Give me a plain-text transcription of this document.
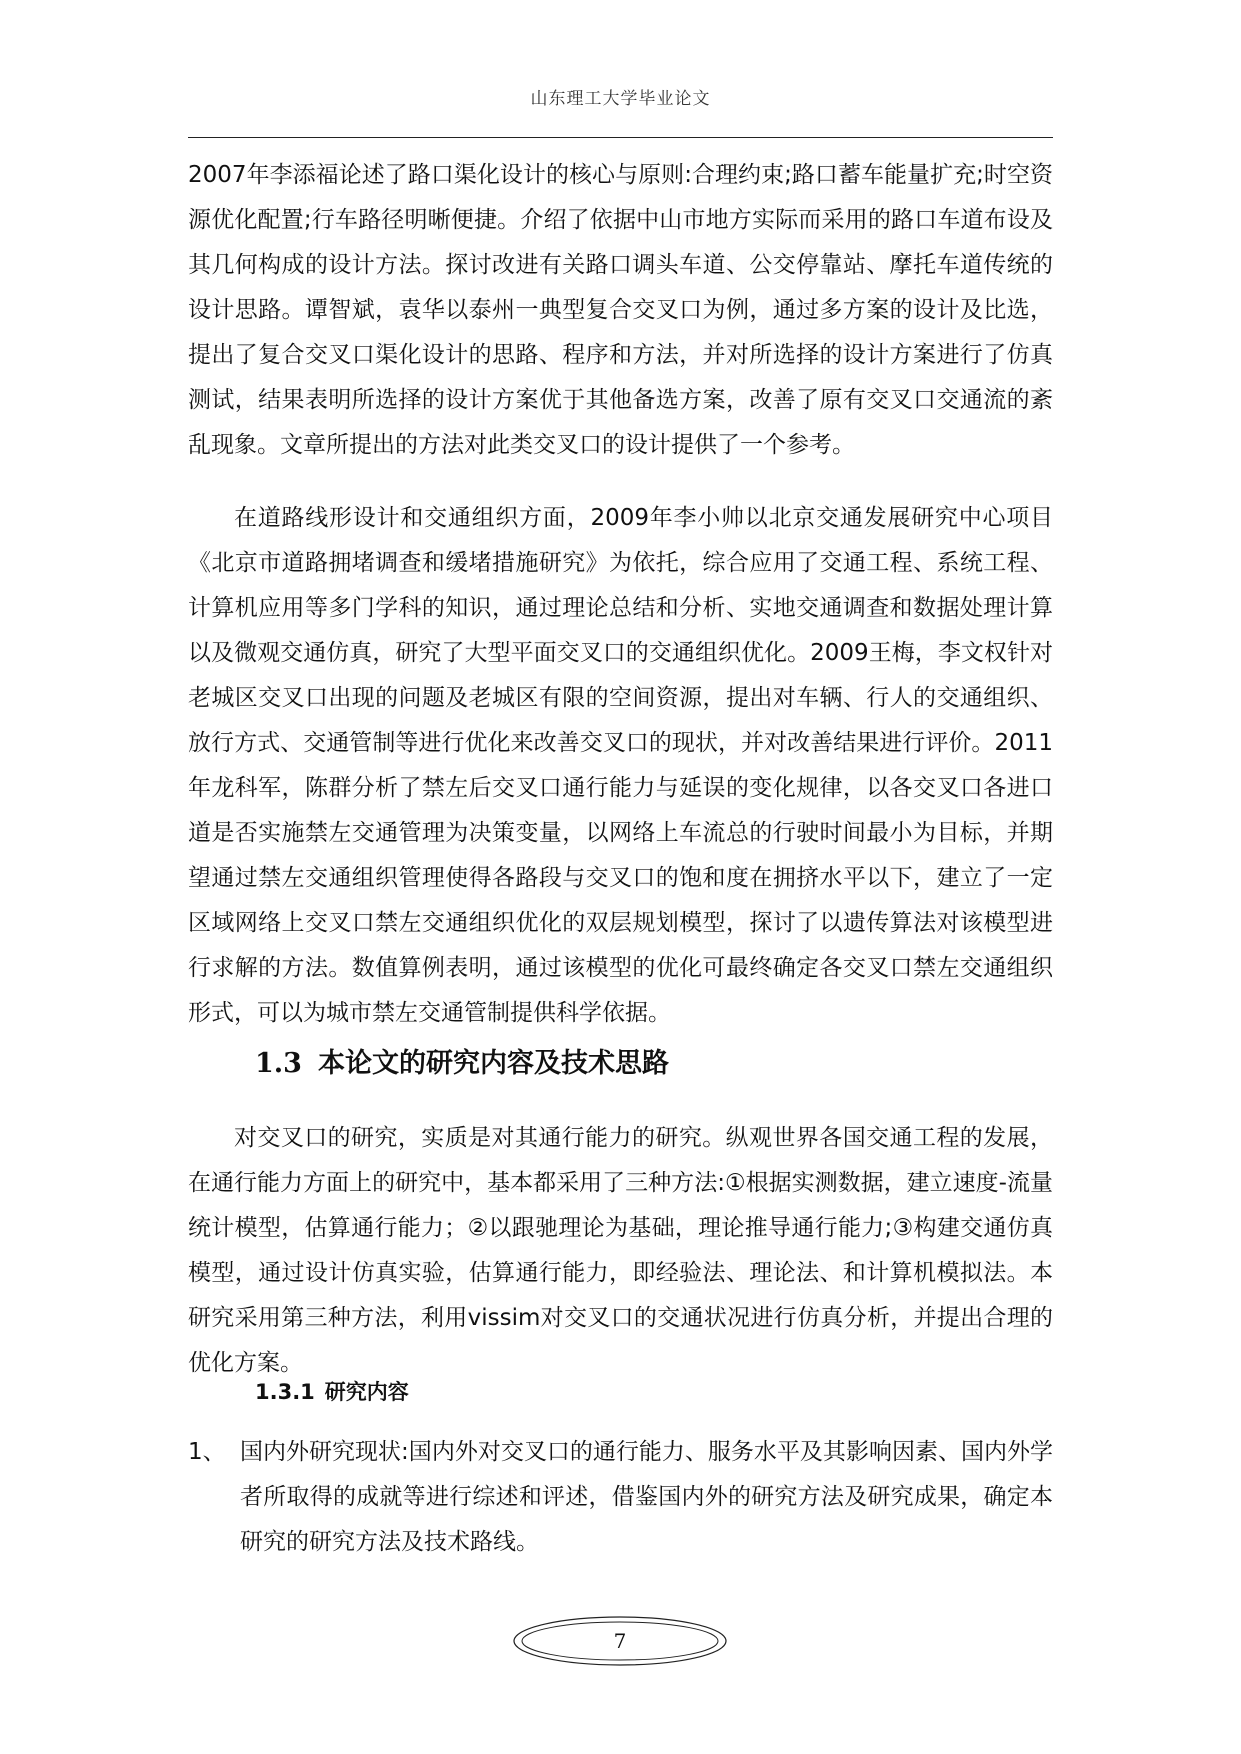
山东理工大学毕业论文

2007年李添福论述了路口渠化设计的核心与原则:合理约束;路口蓄车能量扩充;时空资源优化配置;行车路径明晰便捷。介绍了依据中山市地方实际而采用的路口车道布设及其几何构成的设计方法。探讨改进有关路口调头车道、公交停靠站、摩托车道传统的设计思路。谭智斌，袁华以泰州一典型复合交叉口为例，通过多方案的设计及比选，提出了复合交叉口渠化设计的思路、程序和方法，并对所选择的设计方案进行了仿真测试，结果表明所选择的设计方案优于其他备选方案，改善了原有交叉口交通流的紊乱现象。文章所提出的方法对此类交叉口的设计提供了一个参考。

在道路线形设计和交通组织方面，2009年李小帅以北京交通发展研究中心项目《北京市道路拥堵调查和缓堵措施研究》为依托，综合应用了交通工程、系统工程、计算机应用等多门学科的知识，通过理论总结和分析、实地交通调查和数据处理计算以及微观交通仿真，研究了大型平面交叉口的交通组织优化。2009王梅，李文权针对老城区交叉口出现的问题及老城区有限的空间资源，提出对车辆、行人的交通组织、放行方式、交通管制等进行优化来改善交叉口的现状，并对改善结果进行评价。2011年龙科军，陈群分析了禁左后交叉口通行能力与延误的变化规律，以各交叉口各进口道是否实施禁左交通管理为决策变量，以网络上车流总的行驶时间最小为目标，并期望通过禁左交通组织管理使得各路段与交叉口的饱和度在拥挤水平以下，建立了一定区域网络上交叉口禁左交通组织优化的双层规划模型，探讨了以遗传算法对该模型进行求解的方法。数值算例表明，通过该模型的优化可最终确定各交叉口禁左交通组织形式，可以为城市禁左交通管制提供科学依据。

1.3 本论文的研究内容及技术思路

对交叉口的研究，实质是对其通行能力的研究。纵观世界各国交通工程的发展，在通行能力方面上的研究中，基本都采用了三种方法:①根据实测数据，建立速度-流量统计模型，估算通行能力；②以跟驰理论为基础，理论推导通行能力;③构建交通仿真模型，通过设计仿真实验，估算通行能力，即经验法、理论法、和计算机模拟法。本研究采用第三种方法，利用vissim对交叉口的交通状况进行仿真分析，并提出合理的优化方案。

1.3.1 研究内容
1、 国内外研究现状:国内外对交叉口的通行能力、服务水平及其影响因素、国内外学者所取得的成就等进行综述和评述，借鉴国内外的研究方法及研究成果，确定本研究的研究方法及技术路线。
7
